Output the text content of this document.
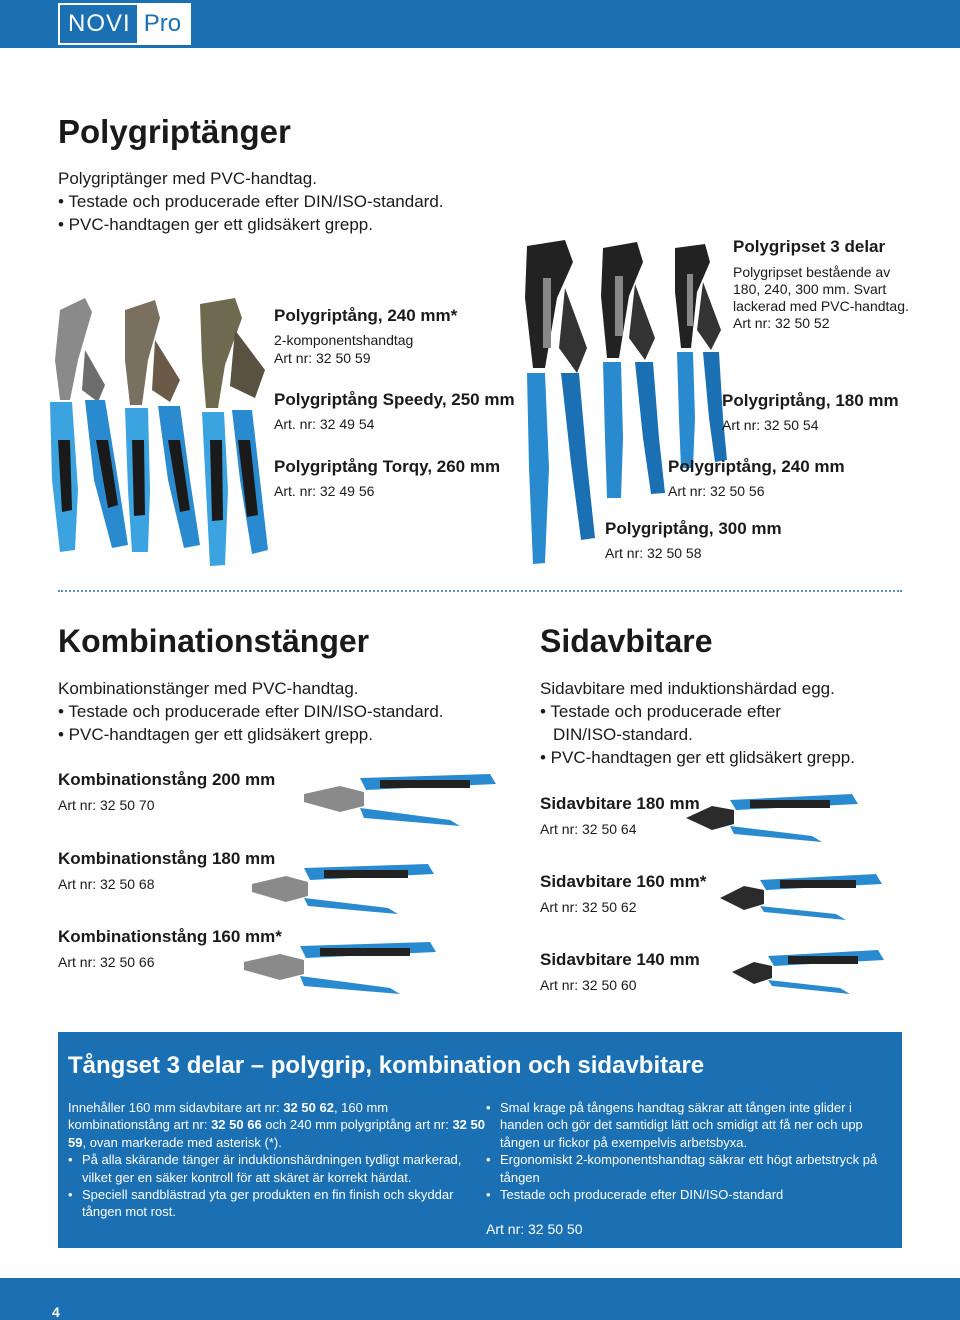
NOVI Pro
Polygriptänger
Polygriptänger med PVC-handtag.
• Testade och producerade efter DIN/ISO-standard.
• PVC-handtagen ger ett glidsäkert grepp.
Polygriptång, 240 mm*
2-komponentshandtag
Art nr: 32 50 59
Polygriptång Speedy, 250 mm
Art. nr: 32 49 54
Polygriptång Torqy, 260 mm
Art. nr: 32 49 56
Polygripset 3 delar
Polygripset bestående av
180, 240, 300 mm. Svart
lackerad med PVC-handtag.
Art nr: 32 50 52
Polygriptång, 180 mm
Art nr: 32 50 54
Polygriptång, 240 mm
Art nr: 32 50 56
Polygriptång, 300 mm
Art nr: 32 50 58
Kombinationstänger
Kombinationstänger med PVC-handtag.
• Testade och producerade efter DIN/ISO-standard.
• PVC-handtagen ger ett glidsäkert grepp.
Kombinationstång 200 mm
Art nr: 32 50 70
Kombinationstång 180 mm
Art nr: 32 50 68
Kombinationstång 160 mm*
Art nr: 32 50 66
Sidavbitare
Sidavbitare med induktionshärdad egg.
• Testade och producerade efter
DIN/ISO-standard.
• PVC-handtagen ger ett glidsäkert grepp.
Sidavbitare 180 mm
Art nr: 32 50 64
Sidavbitare 160 mm*
Art nr: 32 50 62
Sidavbitare 140 mm
Art nr: 32 50 60
Tångset 3 delar – polygrip, kombination och sidavbitare
Innehåller 160 mm sidavbitare art nr: 32 50 62, 160 mm kombinationstång art nr: 32 50 66 och 240 mm polygriptång art nr: 32 50 59, ovan markerade med asterisk (*).
• På alla skärande tänger är induktionshärdningen tydligt markerad, vilket ger en säker kontroll för att skäret är korrekt härdat.
• Speciell sandblästrad yta ger produkten en fin finish och skyddar tången mot rost.
• Smal krage på tångens handtag säkrar att tången inte glider i handen och gör det samtidigt lätt och smidigt att få ner och upp tången ur fickor på exempelvis arbetsbyxa.
• Ergonomiskt 2-komponentshandtag säkrar ett högt arbetstryck på tången
• Testade och producerade efter DIN/ISO-standard
Art nr: 32 50 50
4
